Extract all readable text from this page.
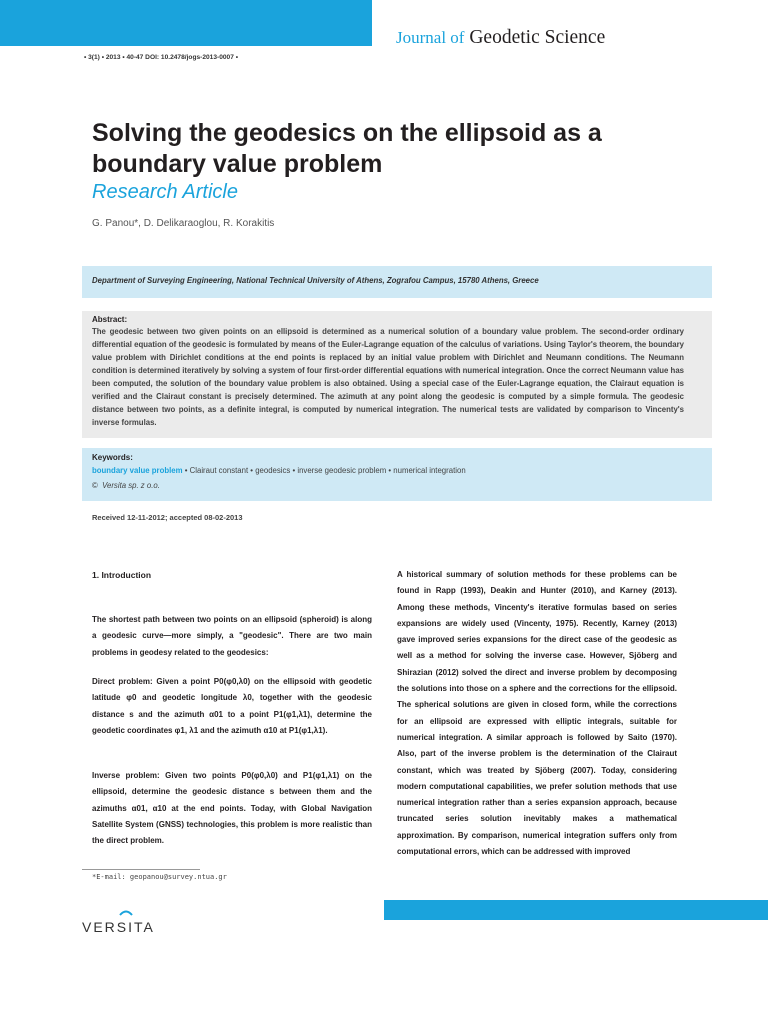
Journal of Geodetic Science
• 3(1) • 2013 • 40-47 DOI: 10.2478/jogs-2013-0007 •
Solving the geodesics on the ellipsoid as a boundary value problem
Research Article
G. Panou*, D. Delikaraoglou, R. Korakitis
Department of Surveying Engineering, National Technical University of Athens, Zografou Campus, 15780 Athens, Greece
Abstract:
The geodesic between two given points on an ellipsoid is determined as a numerical solution of a boundary value problem. The second-order ordinary differential equation of the geodesic is formulated by means of the Euler-Lagrange equation of the calculus of variations. Using Taylor's theorem, the boundary value problem with Dirichlet conditions at the end points is replaced by an initial value problem with Dirichlet and Neumann conditions. The Neumann condition is determined iteratively by solving a system of four first-order differential equations with numerical integration. Once the correct Neumann value has been computed, the solution of the boundary value problem is also obtained. Using a special case of the Euler-Lagrange equation, the Clairaut equation is verified and the Clairaut constant is precisely determined. The azimuth at any point along the geodesic is computed by a simple formula. The geodesic distance between two points, as a definite integral, is computed by numerical integration. The numerical tests are validated by comparison to Vincenty's inverse formulas.
Keywords:
boundary value problem • Clairaut constant • geodesics • inverse geodesic problem • numerical integration
© Versita sp. z o.o.
Received 12-11-2012; accepted 08-02-2013
1. Introduction
The shortest path between two points on an ellipsoid (spheroid) is along a geodesic curve—more simply, a "geodesic". There are two main problems in geodesy related to the geodesics:
Direct problem: Given a point P0(φ0,λ0) on the ellipsoid with geodetic latitude φ0 and geodetic longitude λ0, together with the geodesic distance s and the azimuth α01 to a point P1(φ1,λ1), determine the geodetic coordinates φ1, λ1 and the azimuth α10 at P1(φ1,λ1).
Inverse problem: Given two points P0(φ0,λ0) and P1(φ1,λ1) on the ellipsoid, determine the geodesic distance s between them and the azimuths α01, α10 at the end points. Today, with Global Navigation Satellite System (GNSS) technologies, this problem is more realistic than the direct problem.
A historical summary of solution methods for these problems can be found in Rapp (1993), Deakin and Hunter (2010), and Karney (2013). Among these methods, Vincenty's iterative formulas based on series expansions are widely used (Vincenty, 1975). Recently, Karney (2013) gave improved series expansions for the direct case of the geodesic as well as a method for solving the inverse case. However, Sjöberg and Shirazian (2012) solved the direct and inverse problem by decomposing the solutions into those on a sphere and the corrections for the ellipsoid. The spherical solutions are given in closed form, while the corrections for an ellipsoid are expressed with elliptic integrals, suitable for numerical integration. A similar approach is followed by Saito (1970). Also, part of the inverse problem is the determination of the Clairaut constant, which was treated by Sjöberg (2007). Today, considering modern computational capabilities, we prefer solution methods that use numerical integration rather than a series expansion approach, because truncated series solution inevitably makes a mathematical approximation. By comparison, numerical integration suffers only from computational errors, which can be addressed with improved
*E-mail: geopanou@survey.ntua.gr
VERSITA
